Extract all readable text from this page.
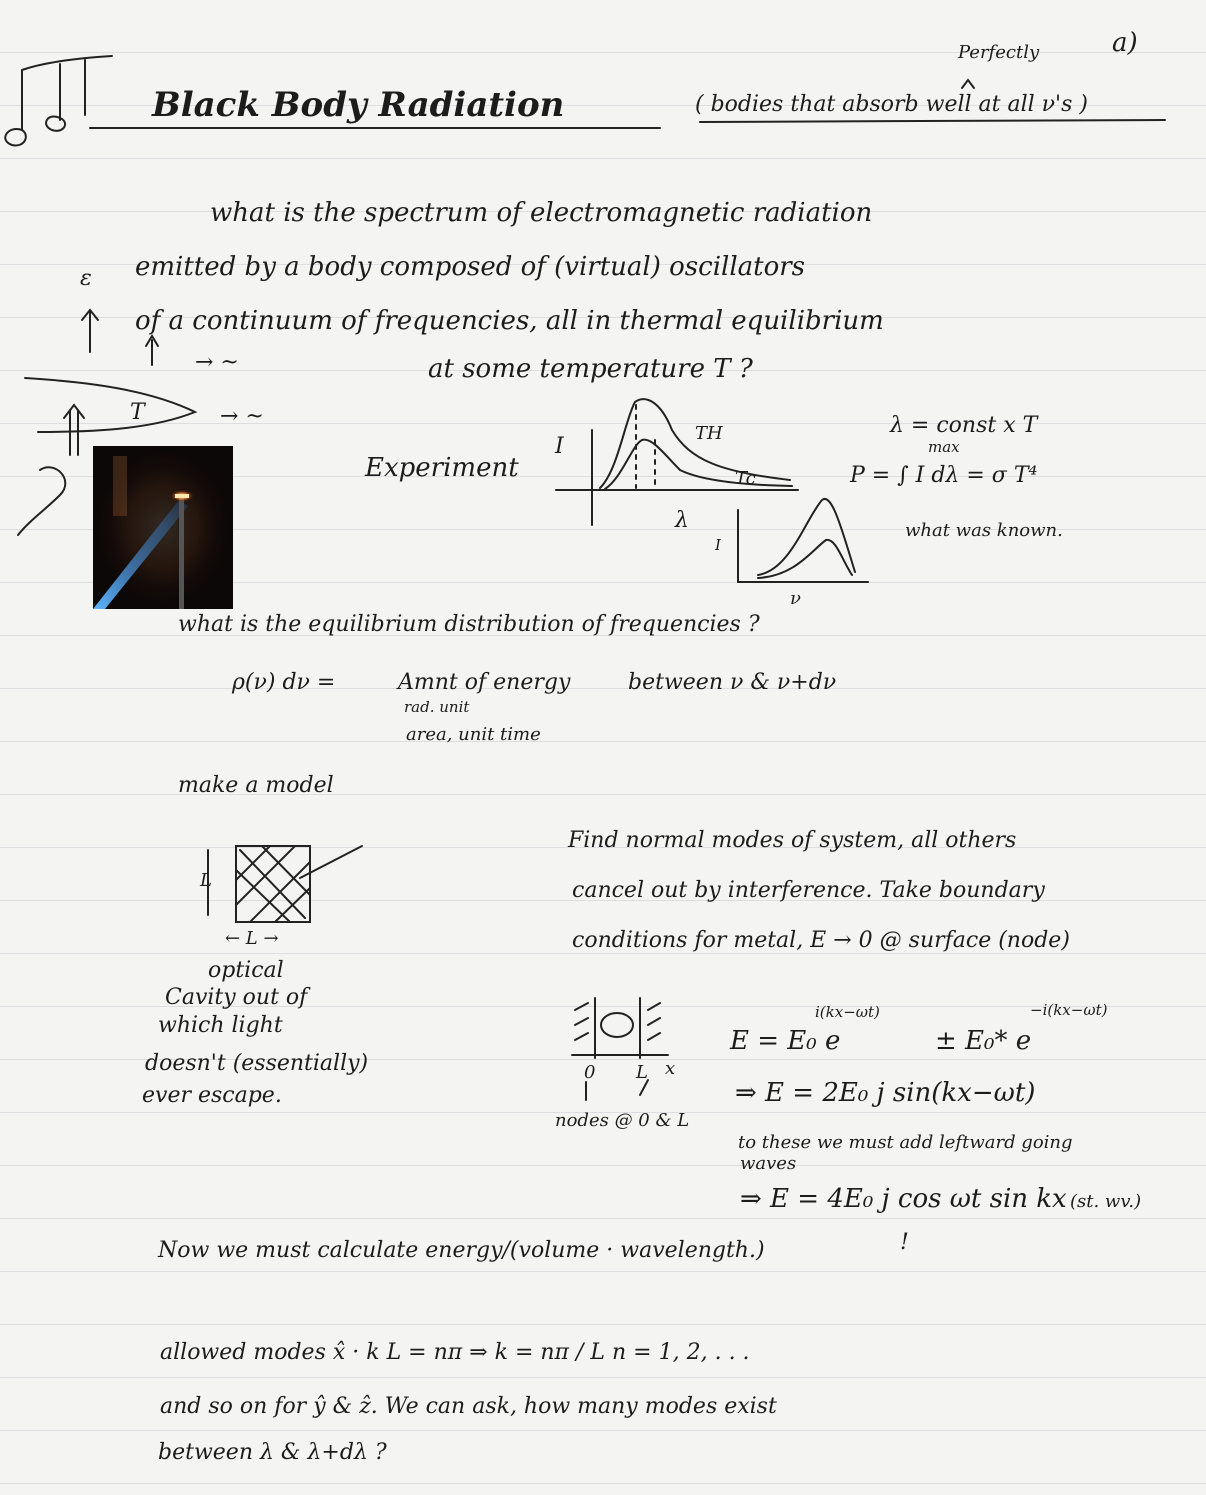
Black Body Radiation	( bodies that absorb well at all ν's )
Perfectly	a)
what is the spectrum of electromagnetic radiation
emitted by a body composed of (virtual) oscillators
of a continuum of frequencies, all in thermal equilibrium
at some temperature T ?
ε
T
→ ~
→ ~
Experiment
I
λ
TH
Tc
I
ν
λ = const x T
max
P = ∫ I dλ = σ T⁴
what was known.
what is the equilibrium distribution of frequencies ?
ρ(ν) dν =	Amnt of energy
rad. unit
area, unit time
between ν & ν+dν
make a model
L
← L →
optical
Cavity out of
which light
doesn't (essentially)
ever escape.
Find normal modes of system, all others
cancel out by interference. Take boundary
conditions for metal, E → 0 @ surface (node)
0 L x
nodes @ 0 & L
E = E₀ e
i(kx−ωt)
± E₀* e
−i(kx−ωt)
⇒ E = 2E₀ j sin(kx−ωt)
to these we must add leftward going
waves
⇒ E = 4E₀ j cos ωt sin kx (st. wv.)
Now we must calculate energy/(volume · wavelength.)	!
allowed modes x̂ · k L = nπ ⇒ k = nπ / L n = 1, 2, . . .
and so on for ŷ & ẑ. We can ask, how many modes exist
between λ & λ+dλ ?
